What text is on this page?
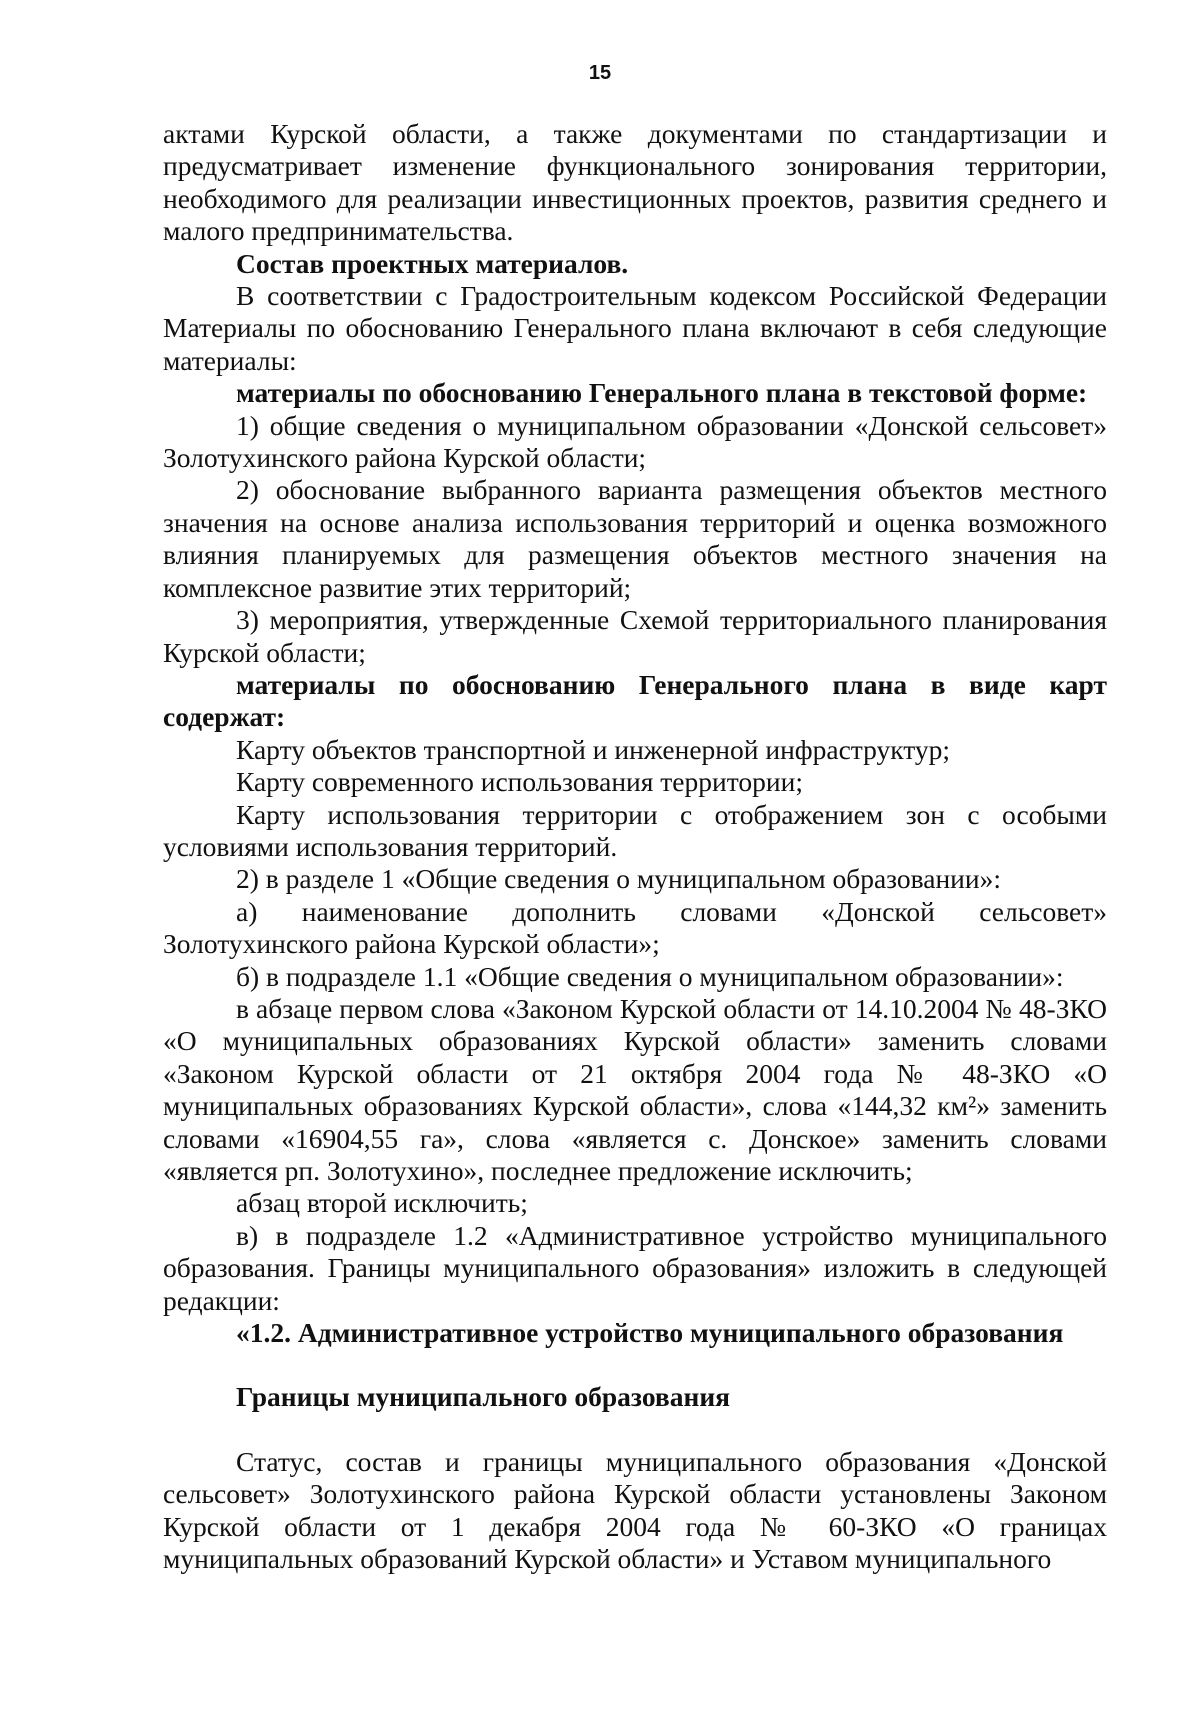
15

актами Курской области, а также документами по стандартизации и предусматривает изменение функционального зонирования территории, необходимого для реализации инвестиционных проектов, развития среднего и малого предпринимательства.

Состав проектных материалов.

В соответствии с Градостроительным кодексом Российской Федерации Материалы по обоснованию Генерального плана включают в себя следующие материалы:

материалы по обоснованию Генерального плана в текстовой форме:

1) общие сведения о муниципальном образовании «Донской сельсовет» Золотухинского района Курской области;

2) обоснование выбранного варианта размещения объектов местного значения на основе анализа использования территорий и оценка возможного влияния планируемых для размещения объектов местного значения на комплексное развитие этих территорий;

3) мероприятия, утвержденные Схемой территориального планирования Курской области;

материалы по обоснованию Генерального плана в виде карт содержат:

Карту объектов транспортной и инженерной инфраструктур;

Карту современного использования территории;

Карту использования территории с отображением зон с особыми условиями использования территорий.

2) в разделе 1 «Общие сведения о муниципальном образовании»:

а) наименование дополнить словами «Донской сельсовет» Золотухинского района Курской области»;

б) в подразделе 1.1 «Общие сведения о муниципальном образовании»:

в абзаце первом слова «Законом Курской области от 14.10.2004 № 48-ЗКО «О муниципальных образованиях Курской области» заменить словами «Законом Курской области от 21 октября 2004 года № 48-ЗКО «О муниципальных образованиях Курской области», слова «144,32 км²» заменить словами «16904,55 га», слова «является с. Донское» заменить словами «является рп. Золотухино», последнее предложение исключить;

абзац второй исключить;

в) в подразделе 1.2 «Административное устройство муниципального образования. Границы муниципального образования» изложить в следующей редакции:

«1.2. Административное устройство муниципального образования

Границы муниципального образования

Статус, состав и границы муниципального образования «Донской сельсовет» Золотухинского района Курской области установлены Законом Курской области от 1 декабря 2004 года № 60-ЗКО «О границах муниципальных образований Курской области» и Уставом муниципального
